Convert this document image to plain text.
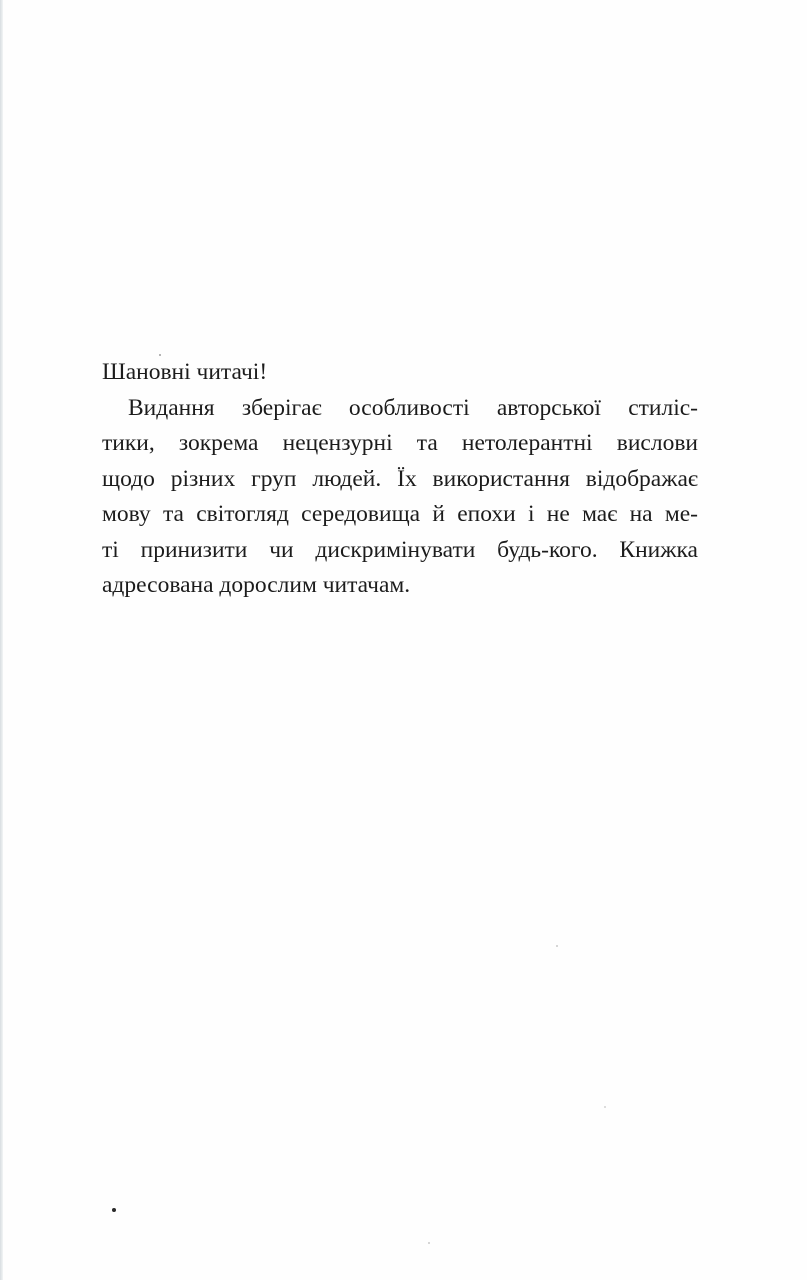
Шановні читачі!

Видання зберігає особливості авторської стиліс-

тики, зокрема нецензурні та нетолерантні вислови

щодо різних груп людей. Їх використання відображає

мову та світогляд середовища й епохи і не має на ме-

ті принизити чи дискримінувати будь-кого. Книжка

адресована дорослим читачам.
